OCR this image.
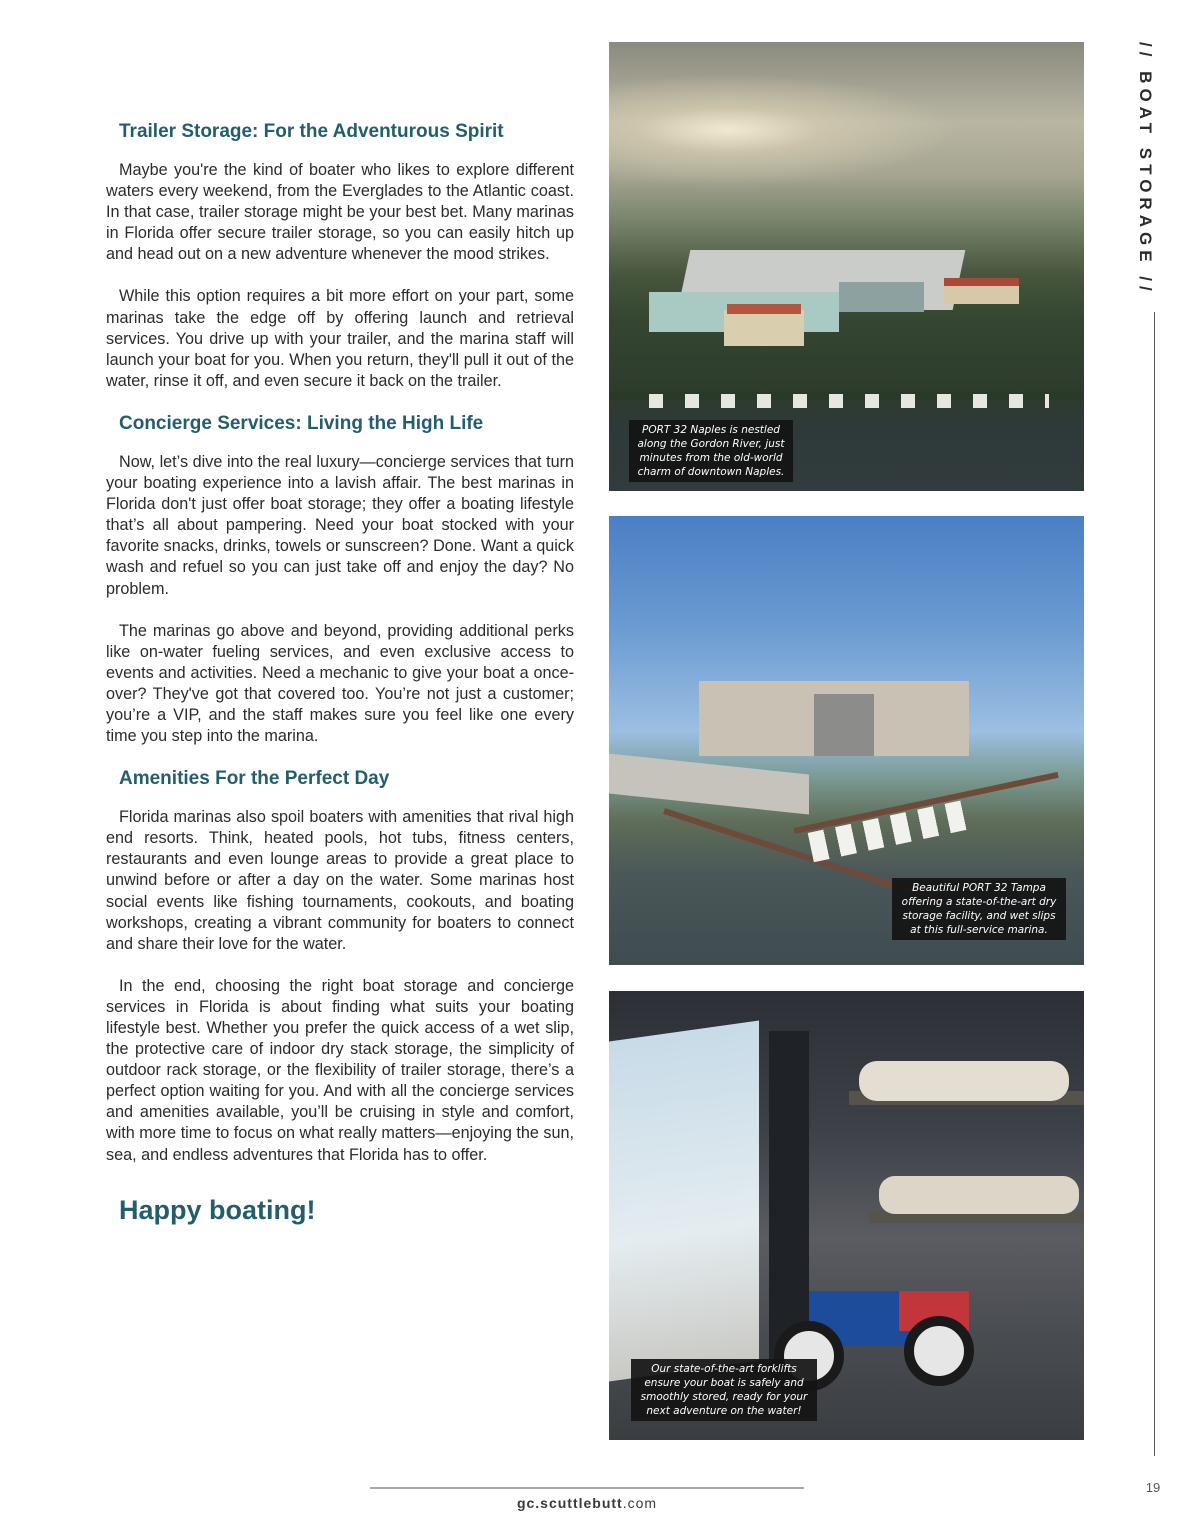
Trailer Storage: For the Adventurous Spirit

Maybe you're the kind of boater who likes to explore different waters every weekend, from the Everglades to the Atlantic coast. In that case, trailer storage might be your best bet. Many marinas in Florida offer secure trailer storage, so you can easily hitch up and head out on a new adventure whenever the mood strikes.

While this option requires a bit more effort on your part, some marinas take the edge off by offering launch and retrieval services. You drive up with your trailer, and the marina staff will launch your boat for you. When you return, they'll pull it out of the water, rinse it off, and even secure it back on the trailer.

Concierge Services: Living the High Life

Now, let’s dive into the real luxury—concierge services that turn your boating experience into a lavish affair. The best marinas in Florida don't just offer boat storage; they offer a boating lifestyle that’s all about pampering. Need your boat stocked with your favorite snacks, drinks, towels or sunscreen? Done. Want a quick wash and refuel so you can just take off and enjoy the day? No problem.

The marinas go above and beyond, providing additional perks like on-water fueling services, and even exclusive access to events and activities. Need a mechanic to give your boat a once-over? They've got that covered too. You’re not just a customer; you’re a VIP, and the staff makes sure you feel like one every time you step into the marina.

Amenities For the Perfect Day

Florida marinas also spoil boaters with amenities that rival high end resorts. Think, heated pools, hot tubs, fitness centers, restaurants and even lounge areas to provide a great place to unwind before or after a day on the water. Some marinas host social events like fishing tournaments, cookouts, and boating workshops, creating a vibrant community for boaters to connect and share their love for the water.

In the end, choosing the right boat storage and concierge services in Florida is about finding what suits your boating lifestyle best. Whether you prefer the quick access of a wet slip, the protective care of indoor dry stack storage, the simplicity of outdoor rack storage, or the flexibility of trailer storage, there’s a perfect option waiting for you. And with all the concierge services and amenities available, you’ll be cruising in style and comfort, with more time to focus on what really matters—enjoying the sun, sea, and endless adventures that Florida has to offer.

Happy boating!
PORT 32 Naples is nestled along the Gordon River, just minutes from the old-world charm of downtown Naples.
Beautiful PORT 32 Tampa offering a state-of-the-art dry storage facility, and wet slips at this full-service marina.
Our state-of-the-art forklifts ensure your boat is safely and smoothly stored, ready for your next adventure on the water!
// BOAT STORAGE //
19
gc.scuttlebutt.com
